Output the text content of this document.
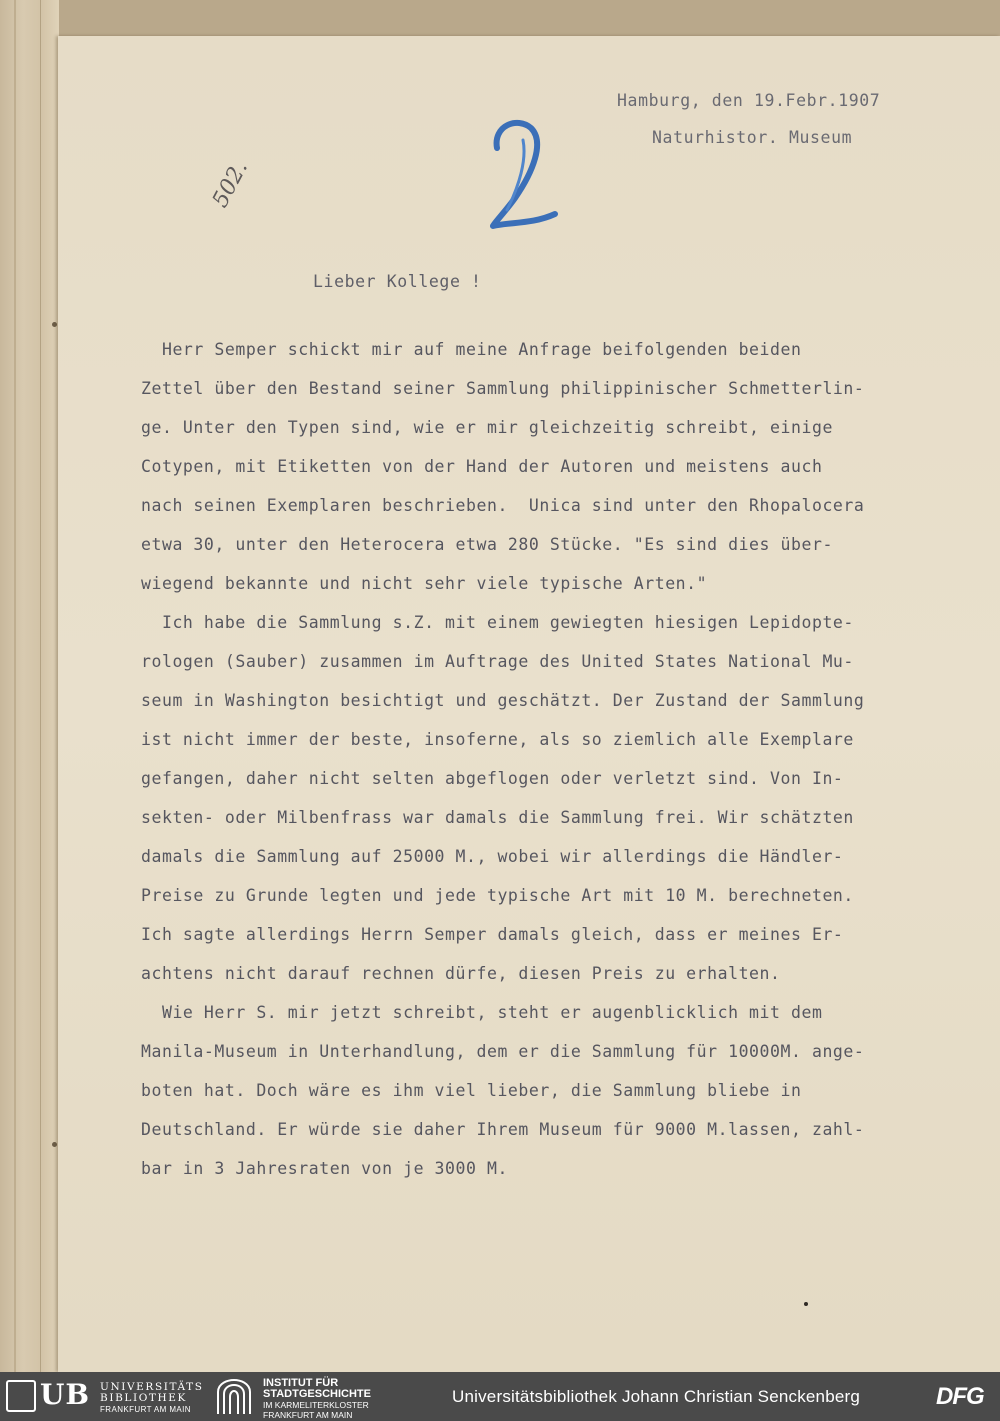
Hamburg, den 19.Febr.1907
Naturhistor. Museum
502.
Lieber Kollege !
Herr Semper schickt mir auf meine Anfrage beifolgenden beiden
Zettel über den Bestand seiner Sammlung philippinischer Schmetterlin-
ge. Unter den Typen sind, wie er mir gleichzeitig schreibt, einige
Cotypen, mit Etiketten von der Hand der Autoren und meistens auch
nach seinen Exemplaren beschrieben.  Unica sind unter den Rhopalocera
etwa 30, unter den Heterocera etwa 280 Stücke. "Es sind dies über-
wiegend bekannte und nicht sehr viele typische Arten."
Ich habe die Sammlung s.Z. mit einem gewiegten hiesigen Lepidopte-
rologen (Sauber) zusammen im Auftrage des United States National Mu-
seum in Washington besichtigt und geschätzt. Der Zustand der Sammlung
ist nicht immer der beste, insoferne, als so ziemlich alle Exemplare
gefangen, daher nicht selten abgeflogen oder verletzt sind. Von In-
sekten- oder Milbenfrass war damals die Sammlung frei. Wir schätzten
damals die Sammlung auf 25000 M., wobei wir allerdings die Händler-
Preise zu Grunde legten und jede typische Art mit 10 M. berechneten.
Ich sagte allerdings Herrn Semper damals gleich, dass er meines Er-
achtens nicht darauf rechnen dürfe, diesen Preis zu erhalten.
Wie Herr S. mir jetzt schreibt, steht er augenblicklich mit dem
Manila-Museum in Unterhandlung, dem er die Sammlung für 10000M. ange-
boten hat. Doch wäre es ihm viel lieber, die Sammlung bliebe in
Deutschland. Er würde sie daher Ihrem Museum für 9000 M.lassen, zahl-
bar in 3 Jahresraten von je 3000 M.
UB UNIVERSITÄTS
BIBLIOTHEK
FRANKFURT AM MAIN
INSTITUT FÜR
STADTGESCHICHTE
IM KARMELITERKLOSTER
FRANKFURT AM MAIN
Universitätsbibliothek Johann Christian Senckenberg	DFG
